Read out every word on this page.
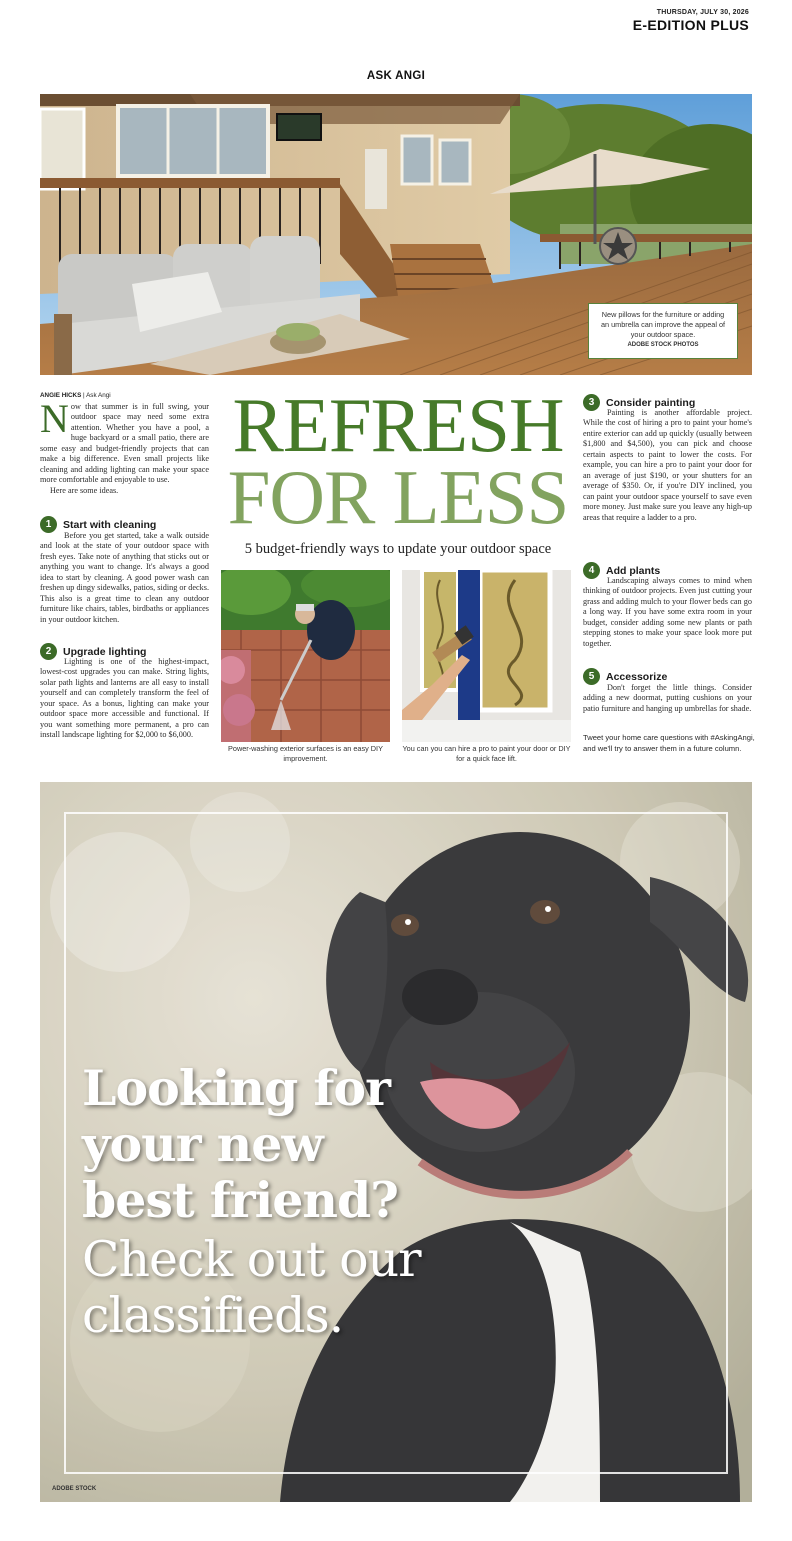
THURSDAY, JULY 30, 2026
E-EDITION PLUS
ASK ANGI
New pillows for the furniture or adding an umbrella can improve the appeal of your outdoor space.
ADOBE STOCK PHOTOS
ANGIE HICKS | Ask Angi
Now that summer is in full swing, your outdoor space may need some extra attention. Whether you have a pool, a huge backyard or a small patio, there are some easy and budget-friendly projects that can make a big difference. Even small projects like cleaning and adding lighting can make your space more comfortable and enjoyable to use.
Here are some ideas.
1	Start with cleaning
Before you get started, take a walk outside and look at the state of your outdoor space with fresh eyes. Take note of anything that sticks out or anything you want to change. It's always a good idea to start by cleaning. A good power wash can freshen up dingy sidewalks, patios, siding or decks. This also is a great time to clean any outdoor furniture like chairs, tables, birdbaths or appliances in your outdoor kitchen.
2	Upgrade lighting
Lighting is one of the highest-impact, lowest-cost upgrades you can make. String lights, solar path lights and lanterns are all easy to install yourself and can completely transform the feel of your space. As a bonus, lighting can make your outdoor space more accessible and functional. If you want something more permanent, a pro can install landscape lighting for $2,000 to $6,000.
REFRESH
FOR LESS
5 budget-friendly ways to update your outdoor space
Power-washing exterior surfaces is an easy DIY improvement.
You can you can hire a pro to paint your door or DIY for a quick face lift.
3	Consider painting
Painting is another affordable project. While the cost of hiring a pro to paint your home's entire exterior can add up quickly (usually between $1,800 and $4,500), you can pick and choose certain aspects to paint to lower the costs. For example, you can hire a pro to paint your door for an average of just $190, or your shutters for an average of $350. Or, if you're DIY inclined, you can paint your outdoor space yourself to save even more money. Just make sure you leave any high-up areas that require a ladder to a pro.
4	Add plants
Landscaping always comes to mind when thinking of outdoor projects. Even just cutting your grass and adding mulch to your flower beds can go a long way. If you have some extra room in your budget, consider adding some new plants or path stepping stones to make your space look more put together.
5	Accessorize
Don't forget the little things. Consider adding a new doormat, putting cushions on your patio furniture and hanging up umbrellas for shade.
Tweet your home care questions with #AskingAngi, and we'll try to answer them in a future column.
Looking for
your new
best friend?
Check out our
classifieds.
ADOBE STOCK
